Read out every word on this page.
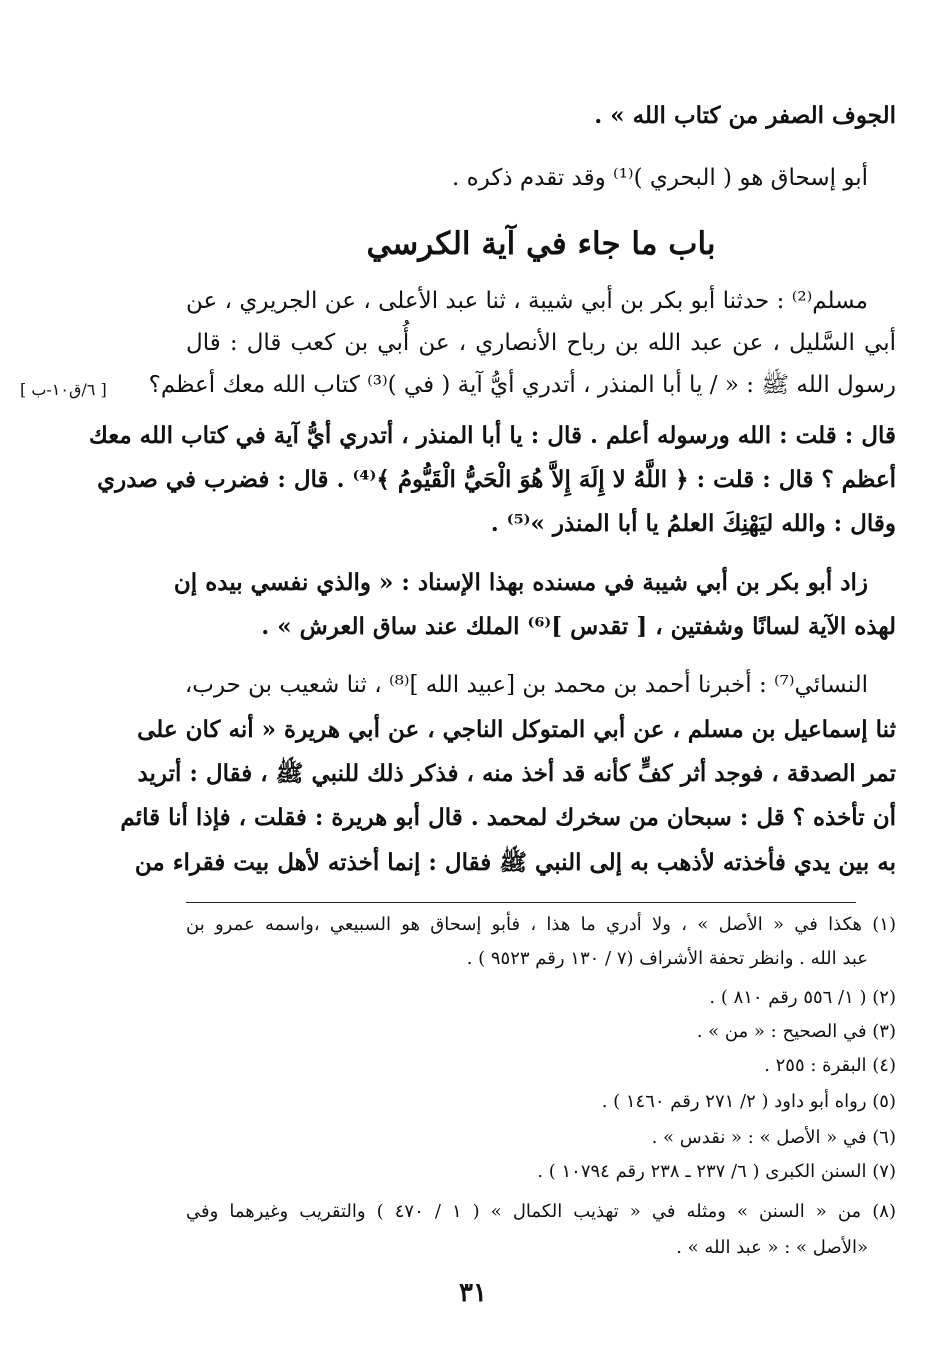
الجوف الصفر من كتاب الله » .
أبو إسحاق هو ( البحري )⁽¹⁾ وقد تقدم ذكره .
باب ما جاء في آية الكرسي
مسلم⁽²⁾ : حدثنا أبو بكر بن أبي شيبة ، ثنا عبد الأعلى ، عن الجريري ، عن
أبي السَّليل ، عن عبد الله بن رباح الأنصاري ، عن أُبي بن كعب قال : قال
رسول الله ﷺ : « / يا أبا المنذر ، أتدري أيُّ آية ( في )⁽³⁾ كتاب الله معك أعظم؟
[ ٦/ق١٠-ب ]
قال : قلت : الله ورسوله أعلم . قال : يا أبا المنذر ، أتدري أيُّ آية في كتاب الله معك
أعظم ؟ قال : قلت : ﴿ اللَّهُ لا إِلَهَ إِلاَّ هُوَ الْحَيُّ الْقَيُّومُ ﴾⁽⁴⁾ . قال : فضرب في صدري
وقال : والله ليَهْنِكَ العلمُ يا أبا المنذر »⁽⁵⁾ .
زاد أبو بكر بن أبي شيبة في مسنده بهذا الإسناد : « والذي نفسي بيده إن
لهذه الآية لسانًا وشفتين ، [ تقدس ]⁽⁶⁾ الملك عند ساق العرش » .
النسائي⁽⁷⁾ : أخبرنا أحمد بن محمد بن [عبيد الله ]⁽⁸⁾ ، ثنا شعيب بن حرب،
ثنا إسماعيل بن مسلم ، عن أبي المتوكل الناجي ، عن أبي هريرة « أنه كان على
تمر الصدقة ، فوجد أثر كفٍّ كأنه قد أخذ منه ، فذكر ذلك للنبي ﷺ ، فقال : أتريد
أن تأخذه ؟ قل : سبحان من سخرك لمحمد . قال أبو هريرة : فقلت ، فإذا أنا قائم
به بين يدي فأخذته لأذهب به إلى النبي ﷺ فقال : إنما أخذته لأهل بيت فقراء من
(١) هكذا في « الأصل » ، ولا أدري ما هذا ، فأبو إسحاق هو السبيعي ،واسمه عمرو بن
عبد الله . وانظر تحفة الأشراف (٧ / ١٣٠ رقم ٩٥٢٣ ) .
(٢) ( ١/ ٥٥٦ رقم ٨١٠ ) .
(٣) في الصحيح : « من » .
(٤) البقرة : ٢٥٥ .
(٥) رواه أبو داود ( ٢/ ٢٧١ رقم ١٤٦٠ ) .
(٦) في « الأصل » : « نقدس » .
(٧) السنن الكبرى ( ٦/ ٢٣٧ ـ ٢٣٨ رقم ١٠٧٩٤ ) .
(٨) من « السنن » ومثله في « تهذيب الكمال » ( ١ / ٤٧٠ ) والتقريب وغيرهما وفي
«الأصل » : « عبد الله » .
٣١
